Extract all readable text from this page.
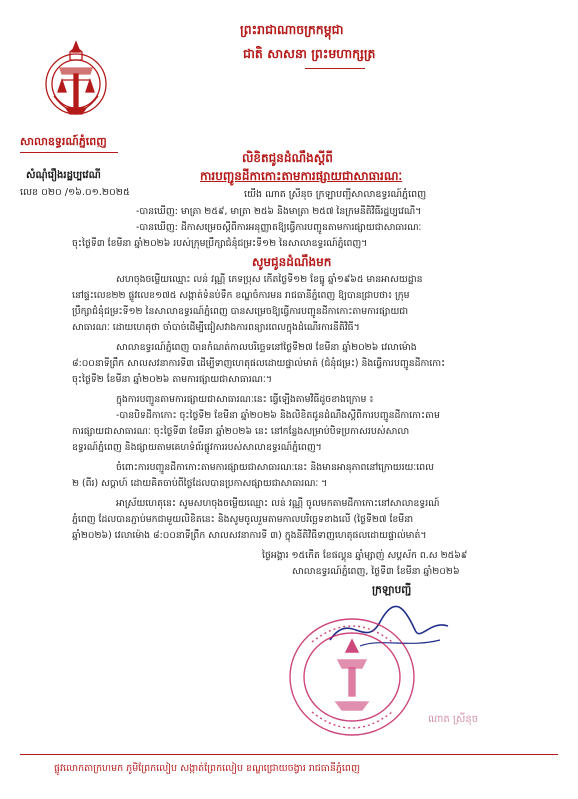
ព្រះរាជាណាចក្រកម្ពុជា
ជាតិ សាសនា ព្រះមហាក្សត្រ
សាលាឧទ្ធរណ៍ភ្នំពេញ
សំណុំរឿងរដ្ឋប្បវេណី
លេខ ០២០ /១៦.០១.២០២៥
លិខិតជូនដំណឹងស្តីពី
ការបញ្ជូនដីកាកោះតាមការផ្សាយជាសាធារណៈ
យើង ណាត ស្រីនុច ក្រឡាបញ្ជីសាលាឧទ្ធរណ៍ភ្នំពេញ
-បានឃើញ: មាត្រា ២៥៩, មាត្រា ២៥៦ និងមាត្រា ២៥៧ នៃក្រមនីតិវិធីរដ្ឋប្បវេណី។
-បានឃើញ: ដីកាសម្រេចស្តីពីការអនុញ្ញាតឱ្យធ្វើការបញ្ជូនតាមការផ្សាយជាសាធារណៈ
ចុះថ្ងៃទី៣ ខែមីនា ឆ្នាំ២០២៦ របស់ក្រុមប្រឹក្សាជំនុំជម្រះទី១២ នៃសាលាឧទ្ធរណ៍ភ្នំពេញ។
សូមជូនដំណឹងមក
សហចុងចម្លើយឈ្មោះ លន់ វណ្ណី ភេទប្រុស កើតថ្ងៃទី១២ ខែធ្នូ ឆ្នាំ១៩៦៥ មានអាសយដ្ឋាន
នៅផ្ទះលេខ២២ ផ្លូវលេខ១៧៥ សង្កាត់ទំនប់ទឹក ខណ្ឌចំការមន រាជធានីភ្នំពេញ ឱ្យបានជ្រាបថា៖ ក្រុម
ប្រឹក្សាជំនុំជម្រះទី១២ នៃសាលាឧទ្ធរណ៍ភ្នំពេញ បានសម្រេចឱ្យធ្វើការបញ្ជូនដីកាកោះតាមការផ្សាយជា
សាធារណៈ ដោយហេតុថា ចាំបាច់ដើម្បីជៀសវាងការពន្យារពេលក្នុងដំណើរការនីតិវិធី។
សាលាឧទ្ធរណ៍ភ្នំពេញ បានកំណត់កាលបរិច្ឆេទនៅថ្ងៃទី២៧ ខែមីនា ឆ្នាំ២០២៦ វេលាម៉ោង
៨:០០នាទីព្រឹក សាលសវនាការទី៣ ដើម្បីទាញហេតុផលដោយផ្ទាល់មាត់ (ជំនុំជម្រះ) និងធ្វើការបញ្ជូនដីកាកោះ
ចុះថ្ងៃទី២ ខែមីនា ឆ្នាំ២០២៦ តាមការផ្សាយជាសាធារណៈ។
ក្នុងការបញ្ជូនតាមការផ្សាយជាសាធារណៈនេះ ធ្វើឡើងតាមវិធីដូចខាងក្រោម ៖
-បានបិទដីកាកោះ ចុះថ្ងៃទី២ ខែមីនា ឆ្នាំ២០២៦ និងលិខិតជូនដំណឹងស្តីពីការបញ្ជូនដីកាកោះតាម
ការផ្សាយជាសាធារណៈ ចុះថ្ងៃទី៣ ខែមីនា ឆ្នាំ២០២៦ នេះ នៅកន្លែងសម្រាប់បិទប្រកាសរបស់សាលា
ឧទ្ធរណ៍ភ្នំពេញ និងផ្សាយតាមគេហទំព័រផ្លូវការរបស់សាលាឧទ្ធរណ៍ភ្នំពេញ។
ចំពោះការបញ្ជូនដីកាកោះតាមការផ្សាយជាសាធារណៈនេះ និងមានអានុភាពនៅក្រោយរយៈពេល
២ (ពីរ) សប្តាហ៍ ដោយគិតចាប់ពីថ្ងៃដែលបានប្រកាសផ្សាយជាសាធារណៈ ។
អាស្រ័យហេតុនេះ សូមសហចុងចម្លើយឈ្មោះ លន់ វណ្ណី ចូលមកតាមដីកាកោះនៅសាលាឧទ្ធរណ៍
ភ្នំពេញ ដែលបានភ្ជាប់មកជាមួយលិខិតនេះ និងសូមចូលរួមតាមកាលបរិច្ឆេទខាងលើ (ថ្ងៃទី២៧ ខែមីនា
ឆ្នាំ២០២៦) វេលាម៉ោង ៨:០០នាទីព្រឹក សាលសវនាការទី ៣) ក្នុងនីតិវិធីទាញហេតុផលដោយផ្ទាល់មាត់។
ថ្ងៃអង្គារ ១៥កើត ខែផល្គុន ឆ្នាំម្សាញ់ សប្តស័ក ព.ស ២៥៦៩
សាលាឧទ្ធរណ៍ភ្នំពេញ, ថ្ងៃទី៣ ខែមីនា ឆ្នាំ២០២៦
ក្រឡាបញ្ជី
ណាត ស្រីនុច
ផ្លូវលោកតាក្រហមក ភូមិព្រែកលៀប សង្កាត់ព្រែកលៀប ខណ្ឌជ្រោយចង្វារ រាជធានីភ្នំពេញ
